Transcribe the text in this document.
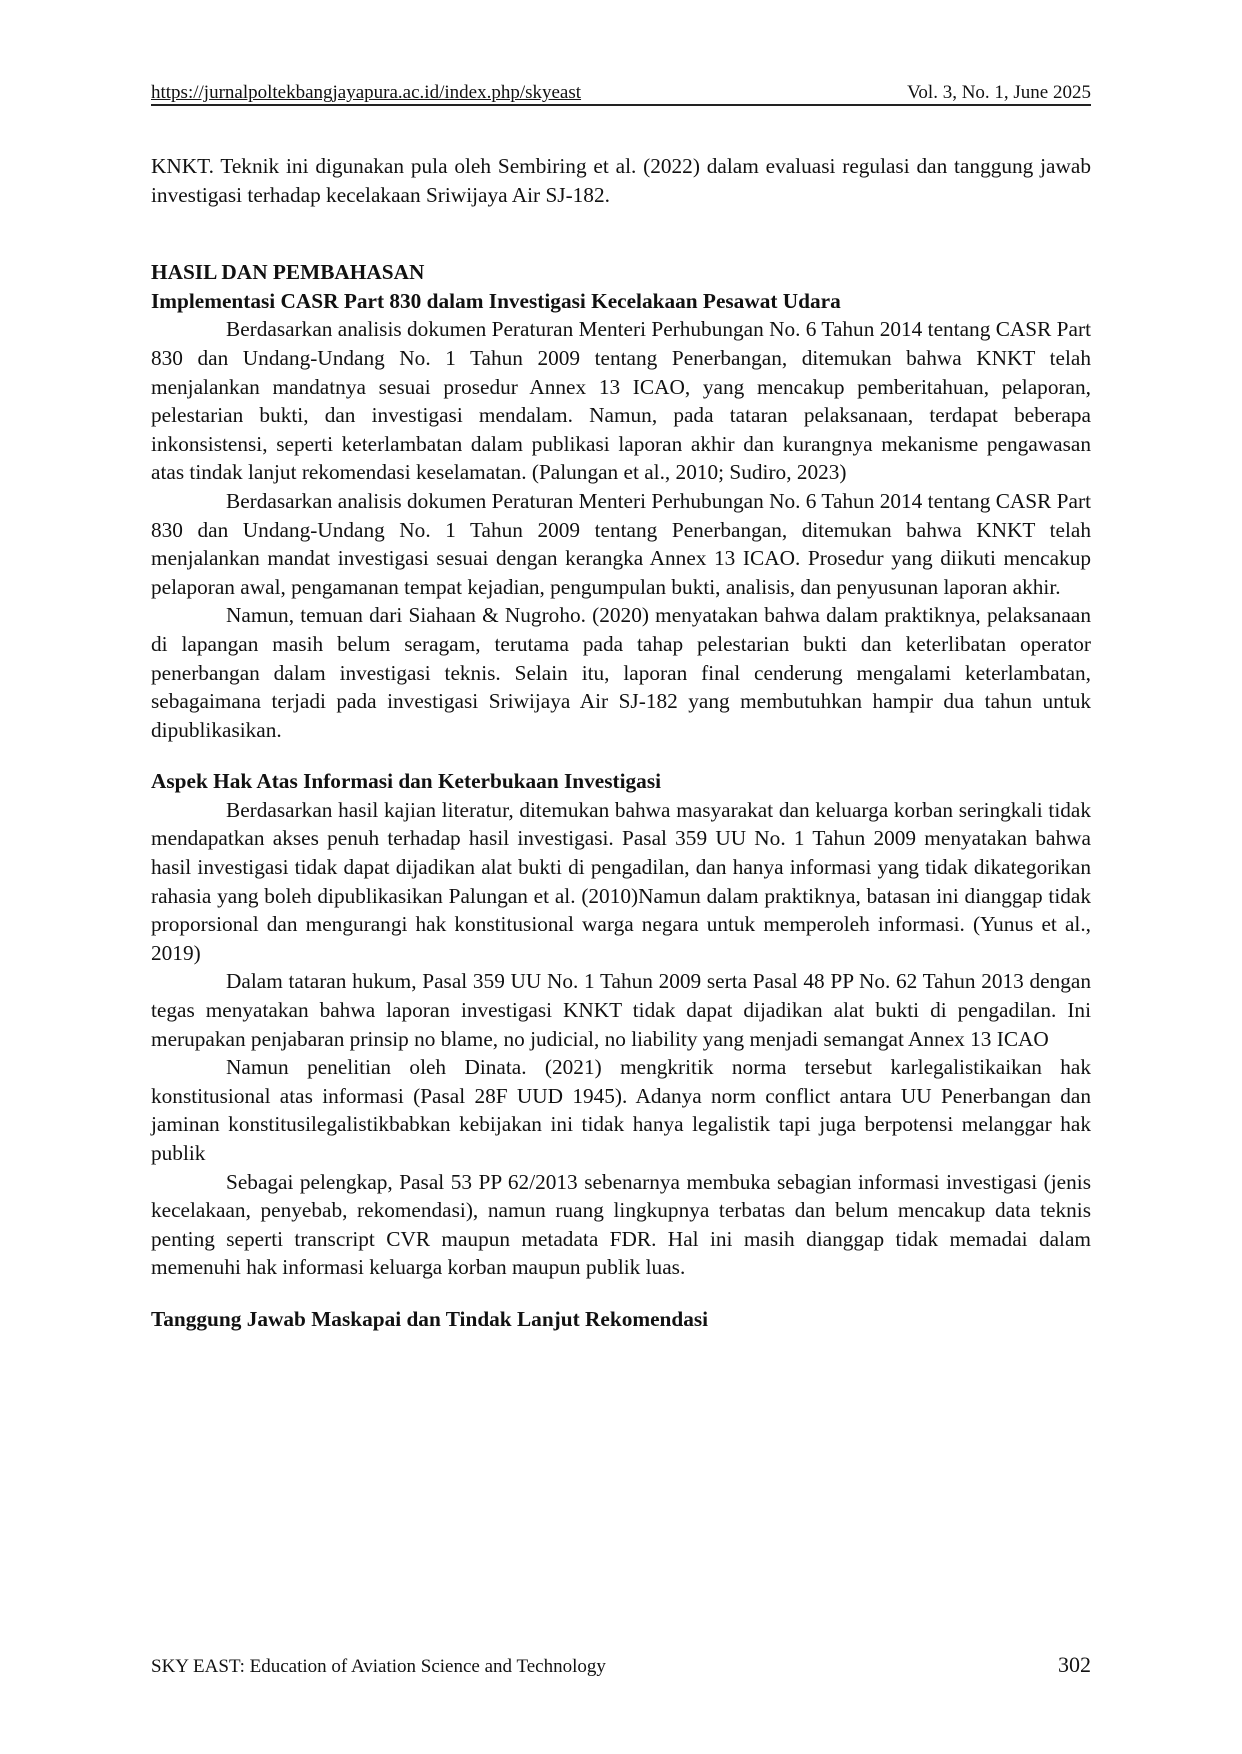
https://jurnalpoltekbangjayapura.ac.id/index.php/skyeast	Vol. 3, No. 1, June 2025

KNKT. Teknik ini digunakan pula oleh Sembiring et al. (2022) dalam evaluasi regulasi dan tanggung jawab investigasi terhadap kecelakaan Sriwijaya Air SJ-182.

HASIL DAN PEMBAHASAN
Implementasi CASR Part 830 dalam Investigasi Kecelakaan Pesawat Udara

Berdasarkan analisis dokumen Peraturan Menteri Perhubungan No. 6 Tahun 2014 tentang CASR Part 830 dan Undang-Undang No. 1 Tahun 2009 tentang Penerbangan, ditemukan bahwa KNKT telah menjalankan mandatnya sesuai prosedur Annex 13 ICAO, yang mencakup pemberitahuan, pelaporan, pelestarian bukti, dan investigasi mendalam. Namun, pada tataran pelaksanaan, terdapat beberapa inkonsistensi, seperti keterlambatan dalam publikasi laporan akhir dan kurangnya mekanisme pengawasan atas tindak lanjut rekomendasi keselamatan. (Palungan et al., 2010; Sudiro, 2023)

Berdasarkan analisis dokumen Peraturan Menteri Perhubungan No. 6 Tahun 2014 tentang CASR Part 830 dan Undang-Undang No. 1 Tahun 2009 tentang Penerbangan, ditemukan bahwa KNKT telah menjalankan mandat investigasi sesuai dengan kerangka Annex 13 ICAO. Prosedur yang diikuti mencakup pelaporan awal, pengamanan tempat kejadian, pengumpulan bukti, analisis, dan penyusunan laporan akhir.

Namun, temuan dari Siahaan & Nugroho. (2020) menyatakan bahwa dalam praktiknya, pelaksanaan di lapangan masih belum seragam, terutama pada tahap pelestarian bukti dan keterlibatan operator penerbangan dalam investigasi teknis. Selain itu, laporan final cenderung mengalami keterlambatan, sebagaimana terjadi pada investigasi Sriwijaya Air SJ-182 yang membutuhkan hampir dua tahun untuk dipublikasikan.

Aspek Hak Atas Informasi dan Keterbukaan Investigasi

Berdasarkan hasil kajian literatur, ditemukan bahwa masyarakat dan keluarga korban seringkali tidak mendapatkan akses penuh terhadap hasil investigasi. Pasal 359 UU No. 1 Tahun 2009 menyatakan bahwa hasil investigasi tidak dapat dijadikan alat bukti di pengadilan, dan hanya informasi yang tidak dikategorikan rahasia yang boleh dipublikasikan Palungan et al. (2010)Namun dalam praktiknya, batasan ini dianggap tidak proporsional dan mengurangi hak konstitusional warga negara untuk memperoleh informasi. (Yunus et al., 2019)

Dalam tataran hukum, Pasal 359 UU No. 1 Tahun 2009 serta Pasal 48 PP No. 62 Tahun 2013 dengan tegas menyatakan bahwa laporan investigasi KNKT tidak dapat dijadikan alat bukti di pengadilan. Ini merupakan penjabaran prinsip no blame, no judicial, no liability yang menjadi semangat Annex 13 ICAO

Namun penelitian oleh Dinata. (2021) mengkritik norma tersebut karlegalistikaikan hak konstitusional atas informasi (Pasal 28F UUD 1945). Adanya norm conflict antara UU Penerbangan dan jaminan konstitusilegalistikbabkan kebijakan ini tidak hanya legalistik tapi juga berpotensi melanggar hak publik

Sebagai pelengkap, Pasal 53 PP 62/2013 sebenarnya membuka sebagian informasi investigasi (jenis kecelakaan, penyebab, rekomendasi), namun ruang lingkupnya terbatas dan belum mencakup data teknis penting seperti transcript CVR maupun metadata FDR. Hal ini masih dianggap tidak memadai dalam memenuhi hak informasi keluarga korban maupun publik luas.

Tanggung Jawab Maskapai dan Tindak Lanjut Rekomendasi
SKY EAST: Education of Aviation Science and Technology	302
